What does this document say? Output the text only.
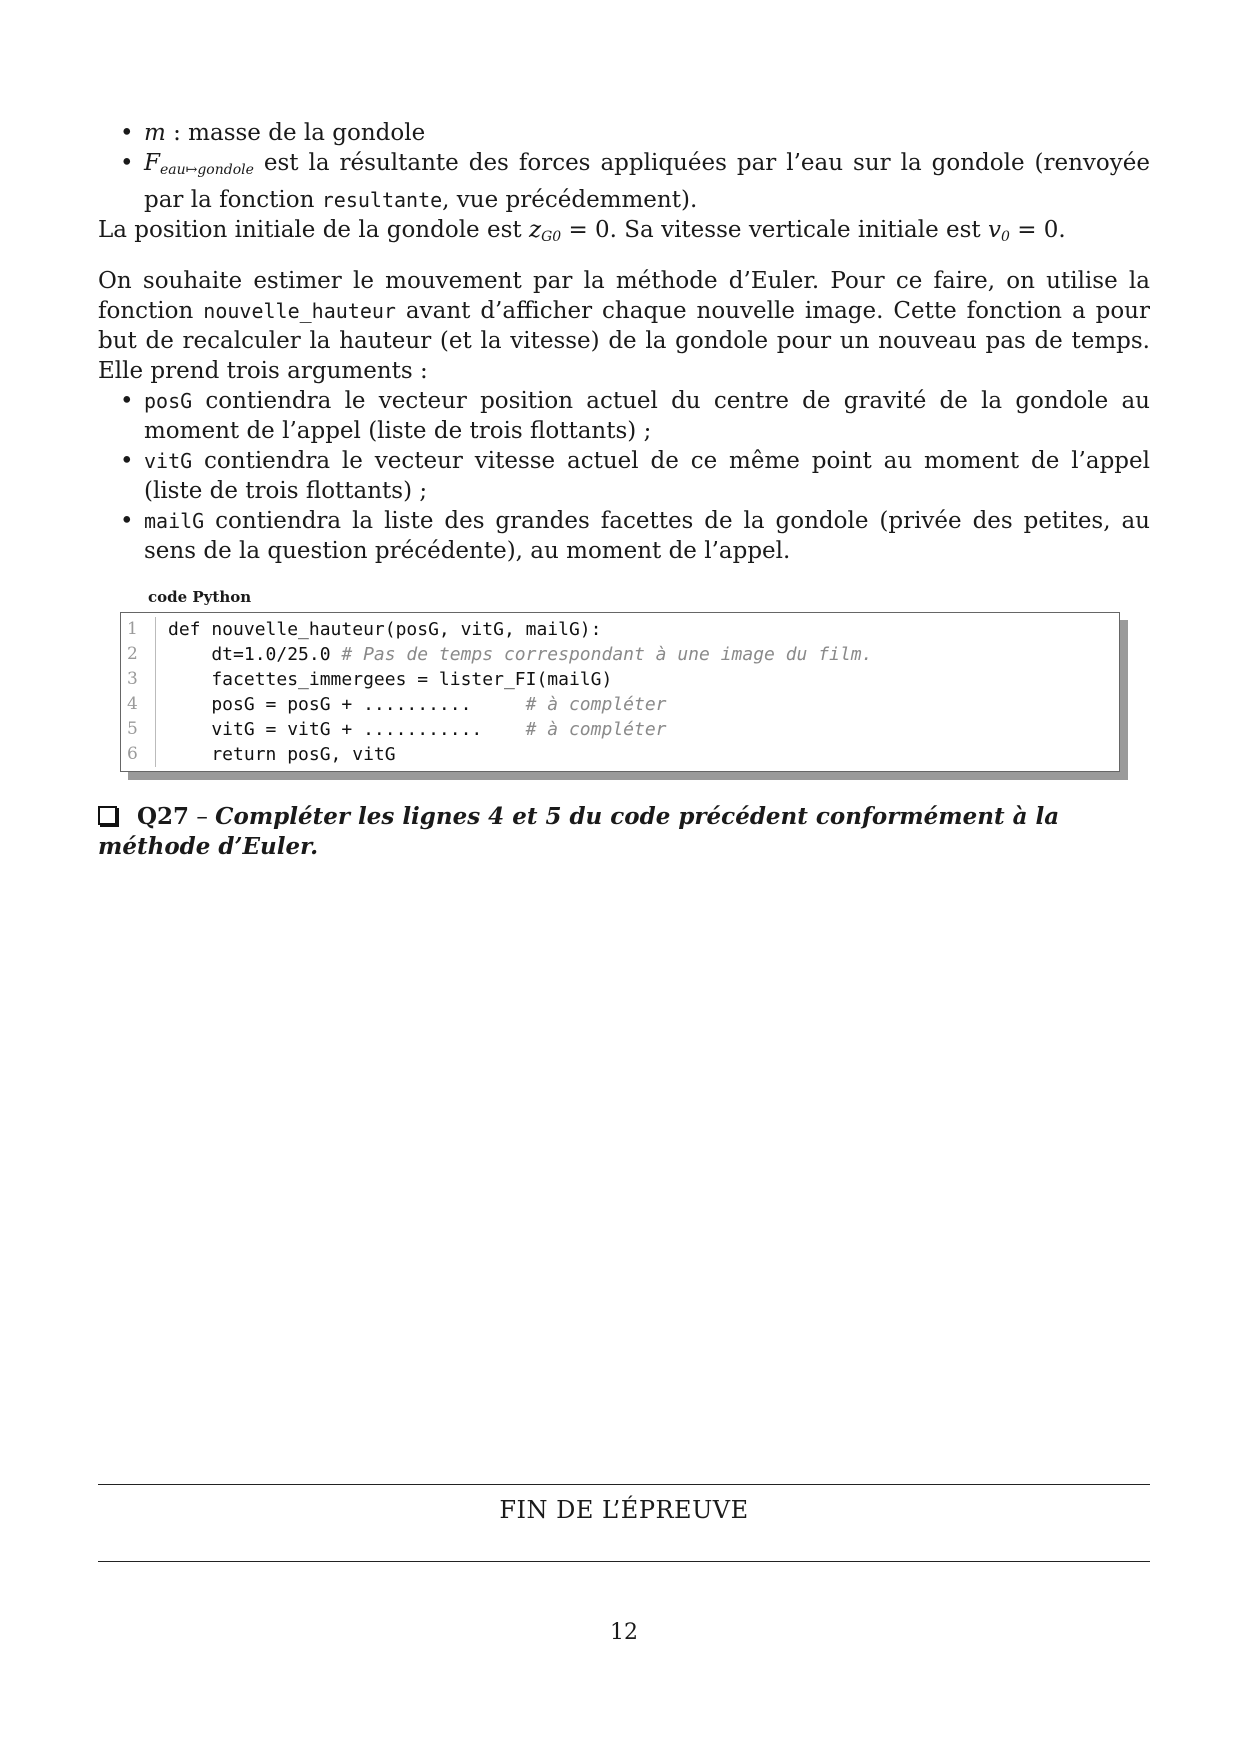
• m : masse de la gondole
• $F_{eau↦gondole}$ est la résultante des forces appliquées par l’eau sur la gondole (renvoyée par la fonction resultante, vue précédemment).

La position initiale de la gondole est $z_{G0} = 0$. Sa vitesse verticale initiale est $v_0 = 0$.

On souhaite estimer le mouvement par la méthode d’Euler. Pour ce faire, on utilise la fonction nouvelle_hauteur avant d’afficher chaque nouvelle image. Cette fonction a pour but de recalculer la hauteur (et la vitesse) de la gondole pour un nouveau pas de temps. Elle prend trois arguments :

• posG contiendra le vecteur position actuel du centre de gravité de la gondole au moment de l’appel (liste de trois flottants) ;
• vitG contiendra le vecteur vitesse actuel de ce même point au moment de l’appel (liste de trois flottants) ;
• mailG contiendra la liste des grandes facettes de la gondole (privée des petites, au sens de la question précédente), au moment de l’appel.
code Python
1	def nouvelle_hauteur(posG, vitG, mailG):
2	dt=1.0/25.0 # Pas de temps correspondant à une image du film.
3	facettes_immergees = lister_FI(mailG)
4	posG = posG + ..........     # à compléter
5	vitG = vitG + ...........    # à compléter
6	return posG, vitG
Q27 – Compléter les lignes 4 et 5 du code précédent conformément à la méthode d’Euler.
FIN DE L’ÉPREUVE
12
